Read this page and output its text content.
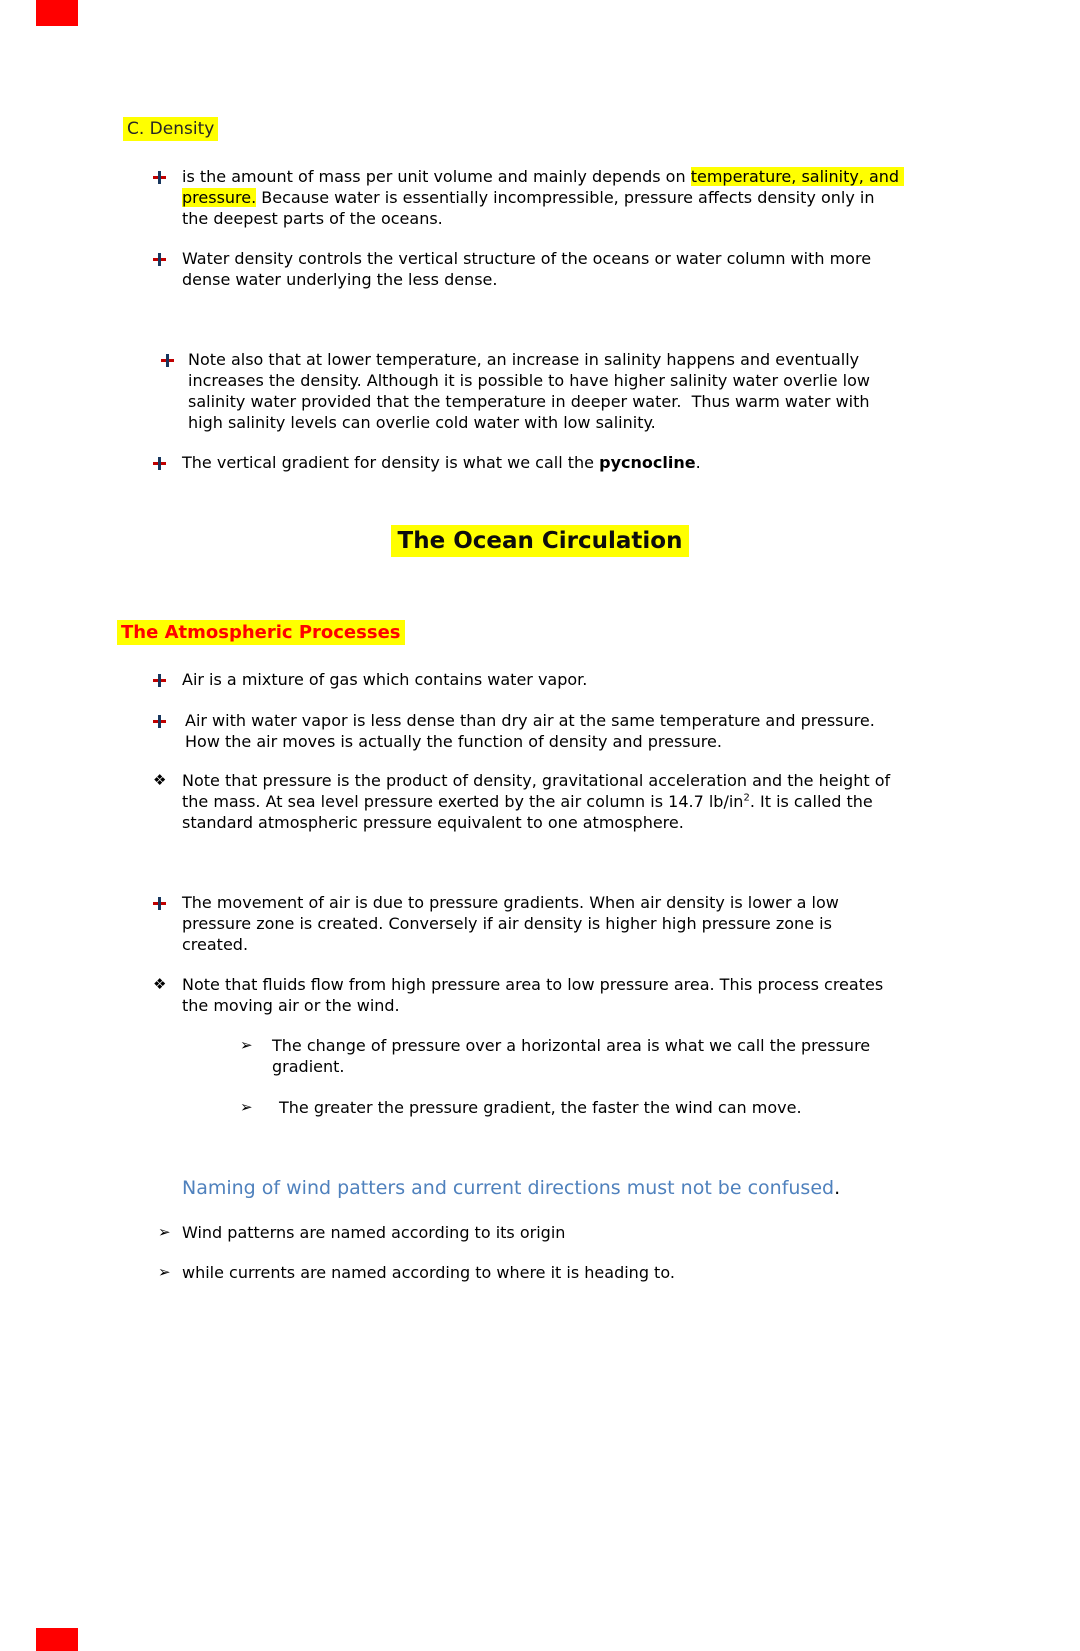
C. Density
is the amount of mass per unit volume and mainly depends on temperature, salinity, and pressure. Because water is essentially incompressible, pressure affects density only in the deepest parts of the oceans.
Water density controls the vertical structure of the oceans or water column with more dense water underlying the less dense.
Note also that at lower temperature, an increase in salinity happens and eventually increases the density. Although it is possible to have higher salinity water overlie low salinity water provided that the temperature in deeper water.  Thus warm water with high salinity levels can overlie cold water with low salinity.
The vertical gradient for density is what we call the pycnocline.
The Ocean Circulation
The Atmospheric Processes
Air is a mixture of gas which contains water vapor.
Air with water vapor is less dense than dry air at the same temperature and pressure. How the air moves is actually the function of density and pressure.
❖ Note that pressure is the product of density, gravitational acceleration and the height of the mass. At sea level pressure exerted by the air column is 14.7 $lb/in^2$. It is called the standard atmospheric pressure equivalent to one atmosphere.
The movement of air is due to pressure gradients. When air density is lower a low pressure zone is created. Conversely if air density is higher high pressure zone is created.
❖ Note that fluids flow from high pressure area to low pressure area. This process creates the moving air or the wind.
➢	The change of pressure over a horizontal area is what we call the pressure gradient.
➢	The greater the pressure gradient, the faster the wind can move.
Naming of wind patters and current directions must not be confused.
➢ Wind patterns are named according to its origin
➢ while currents are named according to where it is heading to.
